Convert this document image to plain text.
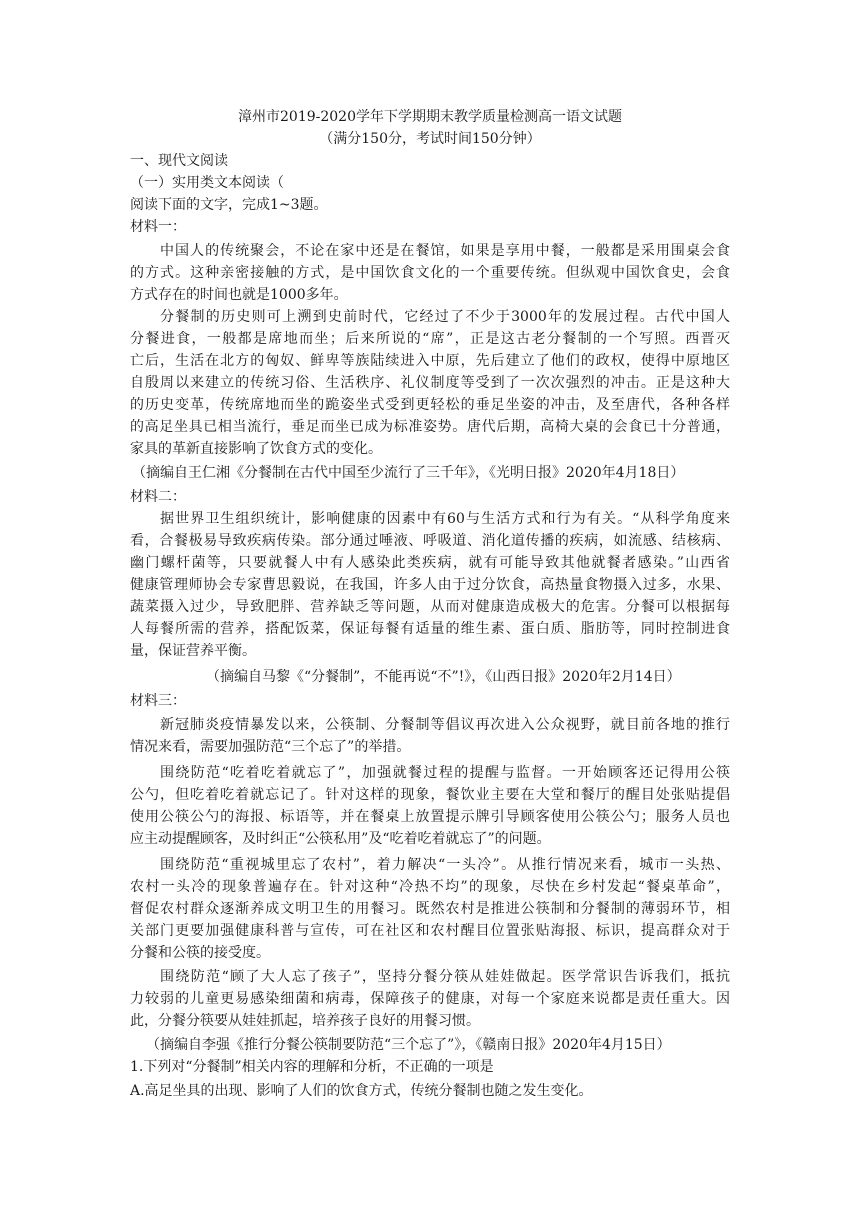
漳州市2019-2020学年下学期期末教学质量检测高一语文试题
（满分150分，考试时间150分钟）
一、现代文阅读
（一）实用类文本阅读（
阅读下面的文字，完成1~3题。
材料一：
中国人的传统聚会，不论在家中还是在餐馆，如果是享用中餐，一般都是采用围桌会食
的方式。这种亲密接触的方式，是中国饮食文化的一个重要传统。但纵观中国饮食史，会食
方式存在的时间也就是1000多年。
分餐制的历史则可上溯到史前时代，它经过了不少于3000年的发展过程。古代中国人
分餐进食，一般都是席地而坐；后来所说的“席”，正是这古老分餐制的一个写照。西晋灭
亡后，生活在北方的匈奴、鲜卑等族陆续进入中原，先后建立了他们的政权，使得中原地区
自殷周以来建立的传统习俗、生活秩序、礼仪制度等受到了一次次强烈的冲击。正是这种大
的历史变革，传统席地而坐的跪姿坐式受到更轻松的垂足坐姿的冲击，及至唐代，各种各样
的高足坐具已相当流行，垂足而坐已成为标准姿势。唐代后期，高椅大桌的会食已十分普通，
家具的革新直接影响了饮食方式的变化。
（摘编自王仁湘《分餐制在古代中国至少流行了三千年》，《光明日报》2020年4月18日）
材料二：
据世界卫生组织统计，影响健康的因素中有60与生活方式和行为有关。“从科学角度来
看，合餐极易导致疾病传染。部分通过唾液、呼吸道、消化道传播的疾病，如流感、结核病、
幽门螺杆菌等，只要就餐人中有人感染此类疾病，就有可能导致其他就餐者感染。”山西省
健康管理师协会专家曹思毅说，在我国，许多人由于过分饮食，高热量食物摄入过多，水果、
蔬菜摄入过少，导致肥胖、营养缺乏等问题，从而对健康造成极大的危害。分餐可以根据每
人每餐所需的营养，搭配饭菜，保证每餐有适量的维生素、蛋白质、脂肪等，同时控制进食
量，保证营养平衡。
（摘编自马黎《“分餐制”，不能再说“不”!》，《山西日报》2020年2月14日）
材料三：
新冠肺炎疫情暴发以来，公筷制、分餐制等倡议再次进入公众视野，就目前各地的推行
情况来看，需要加强防范“三个忘了”的举措。
围绕防范“吃着吃着就忘了”，加强就餐过程的提醒与监督。一开始顾客还记得用公筷
公勺，但吃着吃着就忘记了。针对这样的现象，餐饮业主要在大堂和餐厅的醒目处张贴提倡
使用公筷公勺的海报、标语等，并在餐桌上放置提示牌引导顾客使用公筷公勺；服务人员也
应主动提醒顾客，及时纠正“公筷私用”及“吃着吃着就忘了”的问题。
围绕防范“重视城里忘了农村”，着力解决“一头冷”。从推行情况来看，城市一头热、
农村一头冷的现象普遍存在。针对这种“冷热不均”的现象，尽快在乡村发起“餐桌革命”，
督促农村群众逐渐养成文明卫生的用餐习。既然农村是推进公筷制和分餐制的薄弱环节，相
关部门更要加强健康科普与宣传，可在社区和农村醒目位置张贴海报、标识，提高群众对于
分餐和公筷的接受度。
围绕防范“顾了大人忘了孩子”，坚持分餐分筷从娃娃做起。医学常识告诉我们，抵抗
力较弱的儿童更易感染细菌和病毒，保障孩子的健康，对每一个家庭来说都是责任重大。因
此，分餐分筷要从娃娃抓起，培养孩子良好的用餐习惯。
（摘编自李强《推行分餐公筷制要防范“三个忘了”》，《赣南日报》2020年4月15日）
1.下列对“分餐制”相关内容的理解和分析，不正确的一项是
A.高足坐具的出现、影响了人们的饮食方式，传统分餐制也随之发生变化。
